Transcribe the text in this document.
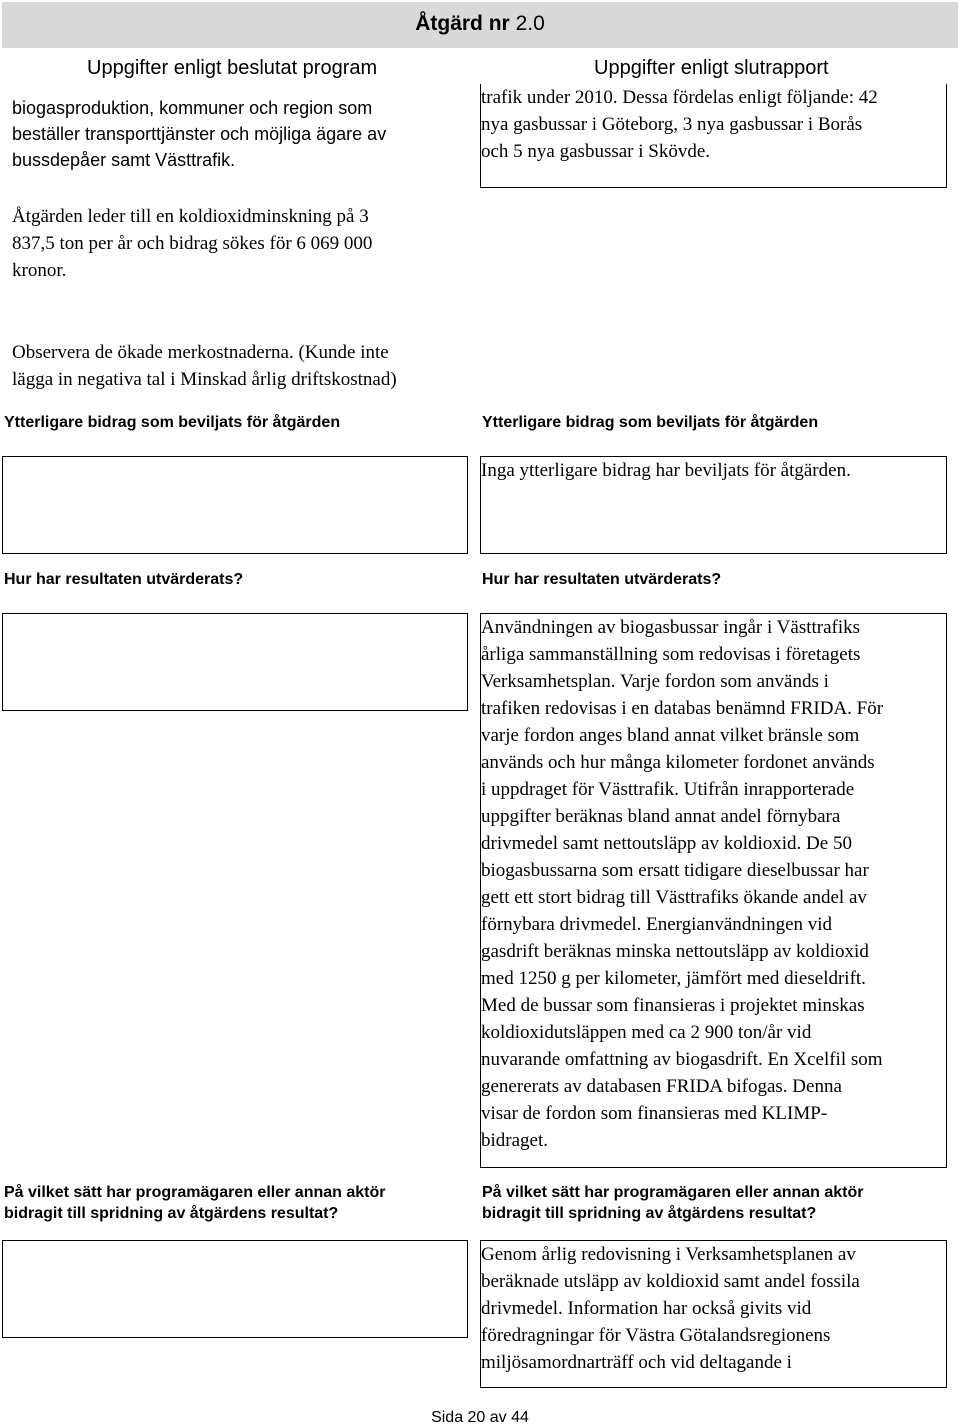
Åtgärd nr 2.0
Uppgifter enligt beslutat program	Uppgifter enligt slutrapport
biogasproduktion, kommuner och region som
beställer transporttjänster och möjliga ägare av
bussdepåer samt Västtrafik.
Åtgärden leder till en koldioxidminskning på 3
837,5 ton per år och bidrag sökes för 6 069 000
kronor.
Observera de ökade merkostnaderna. (Kunde inte
lägga in negativa tal i Minskad årlig driftskostnad)
Ytterligare bidrag som beviljats för åtgärden
Hur har resultaten utvärderats?
På vilket sätt har programägaren eller annan aktör
bidragit till spridning av åtgärdens resultat?
trafik under 2010. Dessa fördelas enligt följande: 42
nya gasbussar i Göteborg, 3 nya gasbussar i Borås
och 5 nya gasbussar i Skövde.
Ytterligare bidrag som beviljats för åtgärden
Inga ytterligare bidrag har beviljats för åtgärden.
Hur har resultaten utvärderats?
Användningen av biogasbussar ingår i Västtrafiks
årliga sammanställning som redovisas i företagets
Verksamhetsplan. Varje fordon som används i
trafiken redovisas i en databas benämnd FRIDA. För
varje fordon anges bland annat vilket bränsle som
används och hur många kilometer fordonet används
i uppdraget för Västtrafik. Utifrån inrapporterade
uppgifter beräknas bland annat andel förnybara
drivmedel samt nettoutsläpp av koldioxid. De 50
biogasbussarna som ersatt tidigare dieselbussar har
gett ett stort bidrag till Västtrafiks ökande andel av
förnybara drivmedel. Energianvändningen vid
gasdrift beräknas minska nettoutsläpp av koldioxid
med 1250 g per kilometer, jämfört med dieseldrift.
Med de bussar som finansieras i projektet minskas
koldioxidutsläppen med ca 2 900 ton/år vid
nuvarande omfattning av biogasdrift. En Xcelfil som
genererats av databasen FRIDA bifogas. Denna
visar de fordon som finansieras med KLIMP-
bidraget.
På vilket sätt har programägaren eller annan aktör
bidragit till spridning av åtgärdens resultat?
Genom årlig redovisning i Verksamhetsplanen av
beräknade utsläpp av koldioxid samt andel fossila
drivmedel. Information har också givits vid
föredragningar för Västra Götalandsregionens
miljösamordnarträff och vid deltagande i
Sida 20 av 44
